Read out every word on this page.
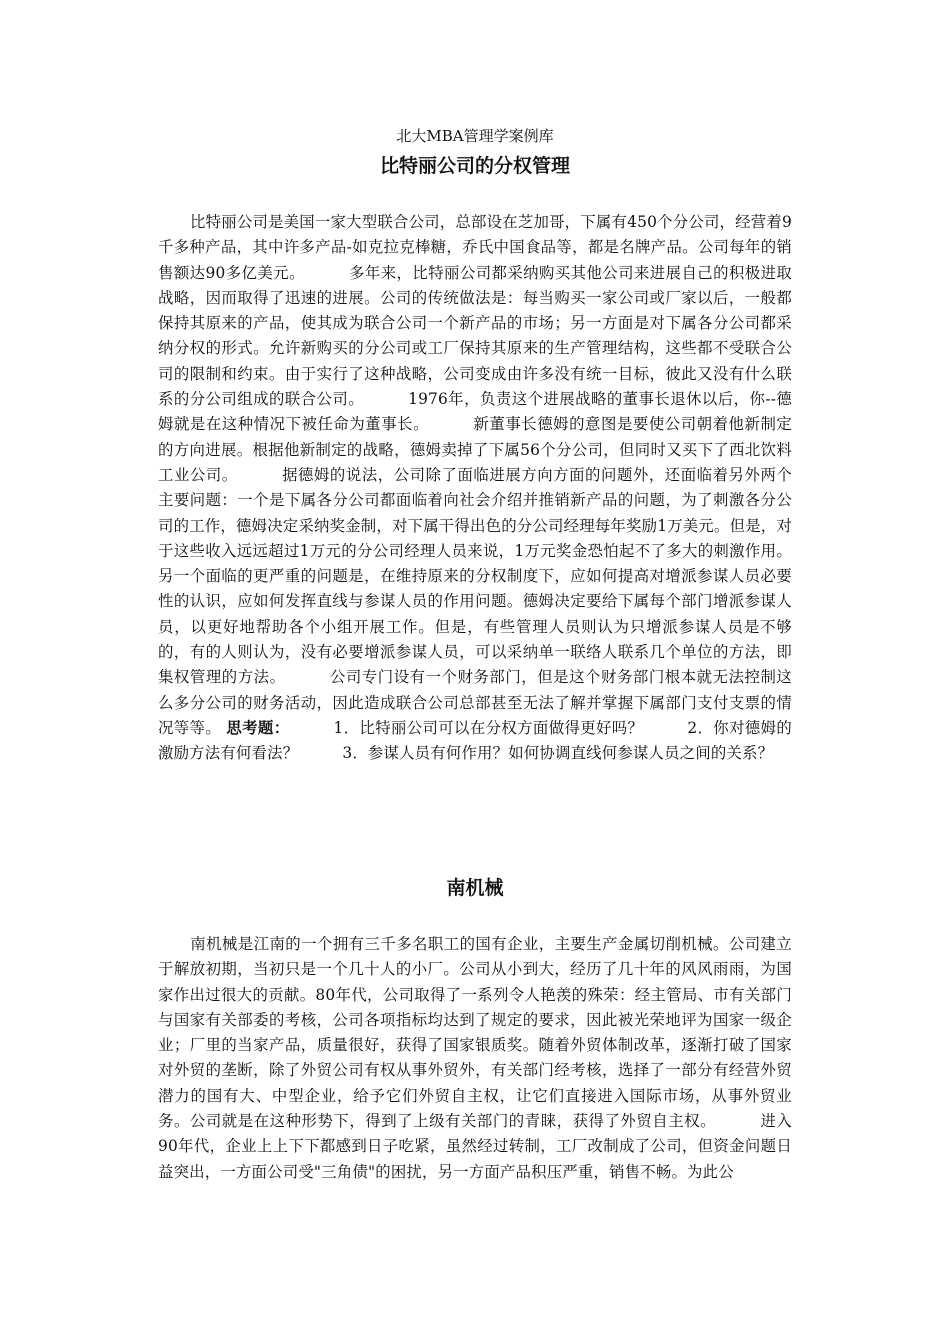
北大MBA管理学案例库
比特丽公司的分权管理

比特丽公司是美国一家大型联合公司，总部设在芝加哥，下属有450个分公司，经营着9千多种产品，其中许多产品-如克拉克棒糖，乔氏中国食品等，都是名牌产品。公司每年的销售额达90多亿美元。	多年来，比特丽公司都采纳购买其他公司来进展自己的积极进取战略，因而取得了迅速的进展。公司的传统做法是：每当购买一家公司或厂家以后，一般都保持其原来的产品，使其成为联合公司一个新产品的市场；另一方面是对下属各分公司都采纳分权的形式。允许新购买的分公司或工厂保持其原来的生产管理结构，这些都不受联合公司的限制和约束。由于实行了这种战略，公司变成由许多没有统一目标，彼此又没有什么联系的分公司组成的联合公司。	1976年，负责这个进展战略的董事长退休以后，你--德姆就是在这种情况下被任命为董事长。	新董事长德姆的意图是要使公司朝着他新制定的方向进展。根据他新制定的战略，德姆卖掉了下属56个分公司，但同时又买下了西北饮料工业公司。	据德姆的说法，公司除了面临进展方向方面的问题外，还面临着另外两个主要问题：一个是下属各分公司都面临着向社会介绍并推销新产品的问题，为了刺激各分公司的工作，德姆决定采纳奖金制，对下属干得出色的分公司经理每年奖励1万美元。但是，对于这些收入远远超过1万元的分公司经理人员来说，1万元奖金恐怕起不了多大的刺激作用。另一个面临的更严重的问题是，在维持原来的分权制度下，应如何提高对增派参谋人员必要性的认识，应如何发挥直线与参谋人员的作用问题。德姆决定要给下属每个部门增派参谋人员，以更好地帮助各个小组开展工作。但是，有些管理人员则认为只增派参谋人员是不够的，有的人则认为，没有必要增派参谋人员，可以采纳单一联络人联系几个单位的方法，即集权管理的方法。	公司专门设有一个财务部门，但是这个财务部门根本就无法控制这么多分公司的财务活动，因此造成联合公司总部甚至无法了解并掌握下属部门支付支票的情况等等。 思考题：	1．比特丽公司可以在分权方面做得更好吗？	2．你对德姆的激励方法有何看法？	3．参谋人员有何作用？如何协调直线何参谋人员之间的关系？

南机械

南机械是江南的一个拥有三千多名职工的国有企业，主要生产金属切削机械。公司建立于解放初期，当初只是一个几十人的小厂。公司从小到大，经历了几十年的风风雨雨，为国家作出过很大的贡献。80年代，公司取得了一系列令人艳羡的殊荣：经主管局、市有关部门与国家有关部委的考核，公司各项指标均达到了规定的要求，因此被光荣地评为国家一级企业；厂里的当家产品，质量很好，获得了国家银质奖。随着外贸体制改革，逐渐打破了国家对外贸的垄断，除了外贸公司有权从事外贸外，有关部门经考核，选择了一部分有经营外贸潜力的国有大、中型企业，给予它们外贸自主权，让它们直接进入国际市场，从事外贸业务。公司就是在这种形势下，得到了上级有关部门的青睐，获得了外贸自主权。	进入90年代，企业上上下下都感到日子吃紧，虽然经过转制，工厂改制成了公司，但资金问题日益突出，一方面公司受"三角债"的困扰，另一方面产品积压严重，销售不畅。为此公
